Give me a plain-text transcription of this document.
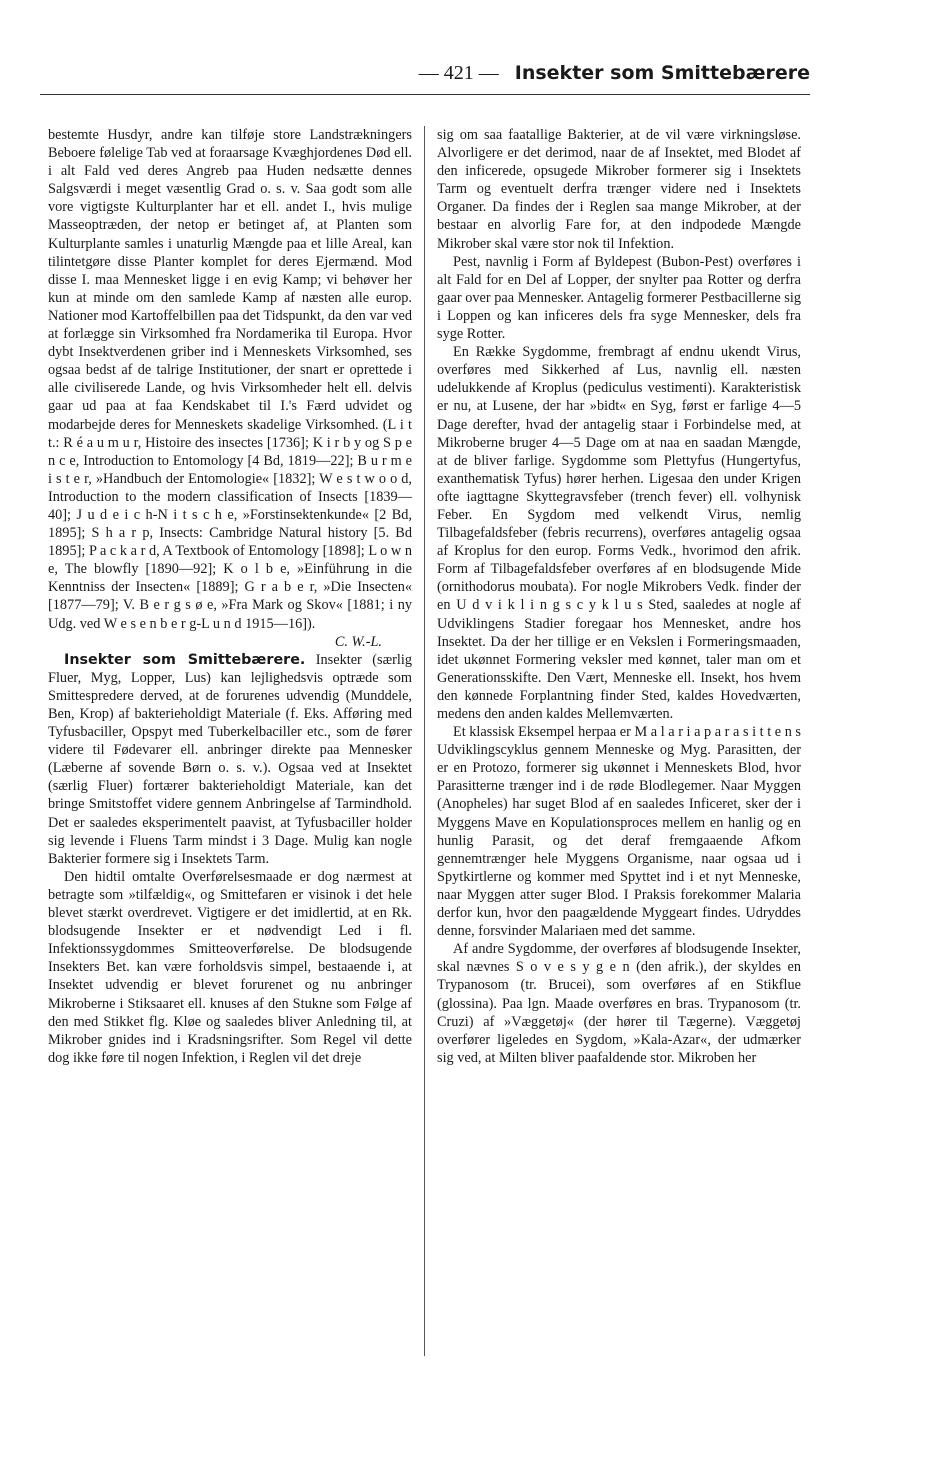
— 421 — Insekter som Smittebærere

bestemte Husdyr, andre kan tilføje store Landstrækningers Beboere følelige Tab ved at foraarsage Kvæghjordenes Død ell. i alt Fald ved deres Angreb paa Huden nedsætte dennes Salgsværdi i meget væsentlig Grad o. s. v. Saa godt som alle vore vigtigste Kulturplanter har et ell. andet I., hvis mulige Masseoptræden, der netop er betinget af, at Planten som Kulturplante samles i unaturlig Mængde paa et lille Areal, kan tilintetgøre disse Planter komplet for deres Ejermænd. Mod disse I. maa Mennesket ligge i en evig Kamp; vi behøver her kun at minde om den samlede Kamp af næsten alle europ. Nationer mod Kartoffelbillen paa det Tidspunkt, da den var ved at forlægge sin Virksomhed fra Nordamerika til Europa. Hvor dybt Insektverdenen griber ind i Menneskets Virksomhed, ses ogsaa bedst af de talrige Institutioner, der snart er oprettede i alle civiliserede Lande, og hvis Virksomheder helt ell. delvis gaar ud paa at faa Kendskabet til I.'s Færd udvidet og modarbejde deres for Menneskets skadelige Virksomhed. (L i t t.: R é a u m u r, Histoire des insectes [1736]; K i r b y og S p e n c e, Introduction to Entomology [4 Bd, 1819—22]; B u r m e i s t e r, »Handbuch der Entomologie« [1832]; W e s t w o o d, Introduction to the modern classification of Insects [1839—40]; J u d e i c h-N i t s c h e, »Forstinsektenkunde« [2 Bd, 1895]; S h a r p, Insects: Cambridge Natural history [5. Bd 1895]; P a c k a r d, A Textbook of Entomology [1898]; L o w n e, The blowfly [1890—92]; K o l b e, »Einführung in die Kenntniss der Insecten« [1889]; G r a b e r, »Die Insecten« [1877—79]; V. B e r g s ø e, »Fra Mark og Skov« [1881; i ny Udg. ved W e s e n b e r g-L u n d 1915—16]).

C. W.-L.

Insekter som Smittebærere. Insekter (særlig Fluer, Myg, Lopper, Lus) kan lejlighedsvis optræde som Smittespredere derved, at de forurenes udvendig (Munddele, Ben, Krop) af bakterieholdigt Materiale (f. Eks. Afføring med Tyfusbaciller, Opspyt med Tuberkelbaciller etc., som de fører videre til Fødevarer ell. anbringer direkte paa Mennesker (Læberne af sovende Børn o. s. v.). Ogsaa ved at Insektet (særlig Fluer) fortærer bakterieholdigt Materiale, kan det bringe Smitstoffet videre gennem Anbringelse af Tarmindhold. Det er saaledes eksperimentelt paavist, at Tyfusbaciller holder sig levende i Fluens Tarm mindst i 3 Dage. Mulig kan nogle Bakterier formere sig i Insektets Tarm.

Den hidtil omtalte Overførelsesmaade er dog nærmest at betragte som »tilfældig«, og Smittefaren er visinok i det hele blevet stærkt overdrevet. Vigtigere er det imidlertid, at en Rk. blodsugende Insekter er et nødvendigt Led i fl. Infektionssygdommes Smitteoverførelse. De blodsugende Insekters Bet. kan være forholdsvis simpel, bestaaende i, at Insektet udvendig er blevet forurenet og nu anbringer Mikroberne i Stiksaaret ell. knuses af den Stukne som Følge af den med Stikket flg. Kløe og saaledes bliver Anledning til, at Mikrober gnides ind i Kradsningsrifter. Som Regel vil dette dog ikke føre til nogen Infektion, i Reglen vil det dreje

sig om saa faatallige Bakterier, at de vil være virkningsløse. Alvorligere er det derimod, naar de af Insektet, med Blodet af den inficerede, opsugede Mikrober formerer sig i Insektets Tarm og eventuelt derfra trænger videre ned i Insektets Organer. Da findes der i Reglen saa mange Mikrober, at der bestaar en alvorlig Fare for, at den indpodede Mængde Mikrober skal være stor nok til Infektion.

Pest, navnlig i Form af Byldepest (Bubon-Pest) overføres i alt Fald for en Del af Lopper, der snylter paa Rotter og derfra gaar over paa Mennesker. Antagelig formerer Pestbacillerne sig i Loppen og kan inficeres dels fra syge Mennesker, dels fra syge Rotter.

En Række Sygdomme, frembragt af endnu ukendt Virus, overføres med Sikkerhed af Lus, navnlig ell. næsten udelukkende af Kroplus (pediculus vestimenti). Karakteristisk er nu, at Lusene, der har »bidt« en Syg, først er farlige 4—5 Dage derefter, hvad der antagelig staar i Forbindelse med, at Mikroberne bruger 4—5 Dage om at naa en saadan Mængde, at de bliver farlige. Sygdomme som Plettyfus (Hungertyfus, exanthematisk Tyfus) hører herhen. Ligesaa den under Krigen ofte iagttagne Skyttegravsfeber (trench fever) ell. volhynisk Feber. En Sygdom med velkendt Virus, nemlig Tilbagefaldsfeber (febris recurrens), overføres antagelig ogsaa af Kroplus for den europ. Forms Vedk., hvorimod den afrik. Form af Tilbagefaldsfeber overføres af en blodsugende Mide (ornithodorus moubata). For nogle Mikrobers Vedk. finder der en U d v i k l i n g s c y k l u s Sted, saaledes at nogle af Udviklingens Stadier foregaar hos Mennesket, andre hos Insektet. Da der her tillige er en Vekslen i Formeringsmaaden, idet ukønnet Formering veksler med kønnet, taler man om et Generationsskifte. Den Vært, Menneske ell. Insekt, hos hvem den kønnede Forplantning finder Sted, kaldes Hovedværten, medens den anden kaldes Mellemværten.

Et klassisk Eksempel herpaa er M a l a r i a p a r a s i t t e n s Udviklingscyklus gennem Menneske og Myg. Parasitten, der er en Protozo, formerer sig ukønnet i Menneskets Blod, hvor Parasitterne trænger ind i de røde Blodlegemer. Naar Myggen (Anopheles) har suget Blod af en saaledes Inficeret, sker der i Myggens Mave en Kopulationsproces mellem en hanlig og en hunlig Parasit, og det deraf fremgaaende Afkom gennemtrænger hele Myggens Organisme, naar ogsaa ud i Spytkirtlerne og kommer med Spyttet ind i et nyt Menneske, naar Myggen atter suger Blod. I Praksis forekommer Malaria derfor kun, hvor den paagældende Myggeart findes. Udryddes denne, forsvinder Malariaen med det samme.

Af andre Sygdomme, der overføres af blodsugende Insekter, skal nævnes S o v e s y g e n (den afrik.), der skyldes en Trypanosom (tr. Brucei), som overføres af en Stikflue (glossina). Paa lgn. Maade overføres en bras. Trypanosom (tr. Cruzi) af »Væggetøj« (der hører til Tægerne). Væggetøj overfører ligeledes en Sygdom, »Kala-Azar«, der udmærker sig ved, at Milten bliver paafaldende stor. Mikroben her
